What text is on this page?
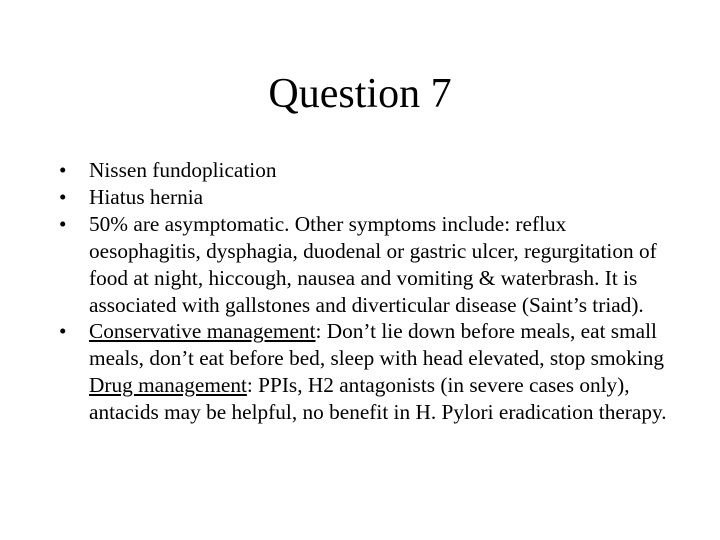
Question 7
• Nissen fundoplication
• Hiatus hernia
• 50% are asymptomatic. Other symptoms include: reflux oesophagitis, dysphagia, duodenal or gastric ulcer, regurgitation of food at night, hiccough, nausea and vomiting & waterbrash. It is associated with gallstones and diverticular disease (Saint’s triad).
• Conservative management: Don’t lie down before meals, eat small meals, don’t eat before bed, sleep with head elevated, stop smoking
Drug management: PPIs, H2 antagonists (in severe cases only), antacids may be helpful, no benefit in H. Pylori eradication therapy.
